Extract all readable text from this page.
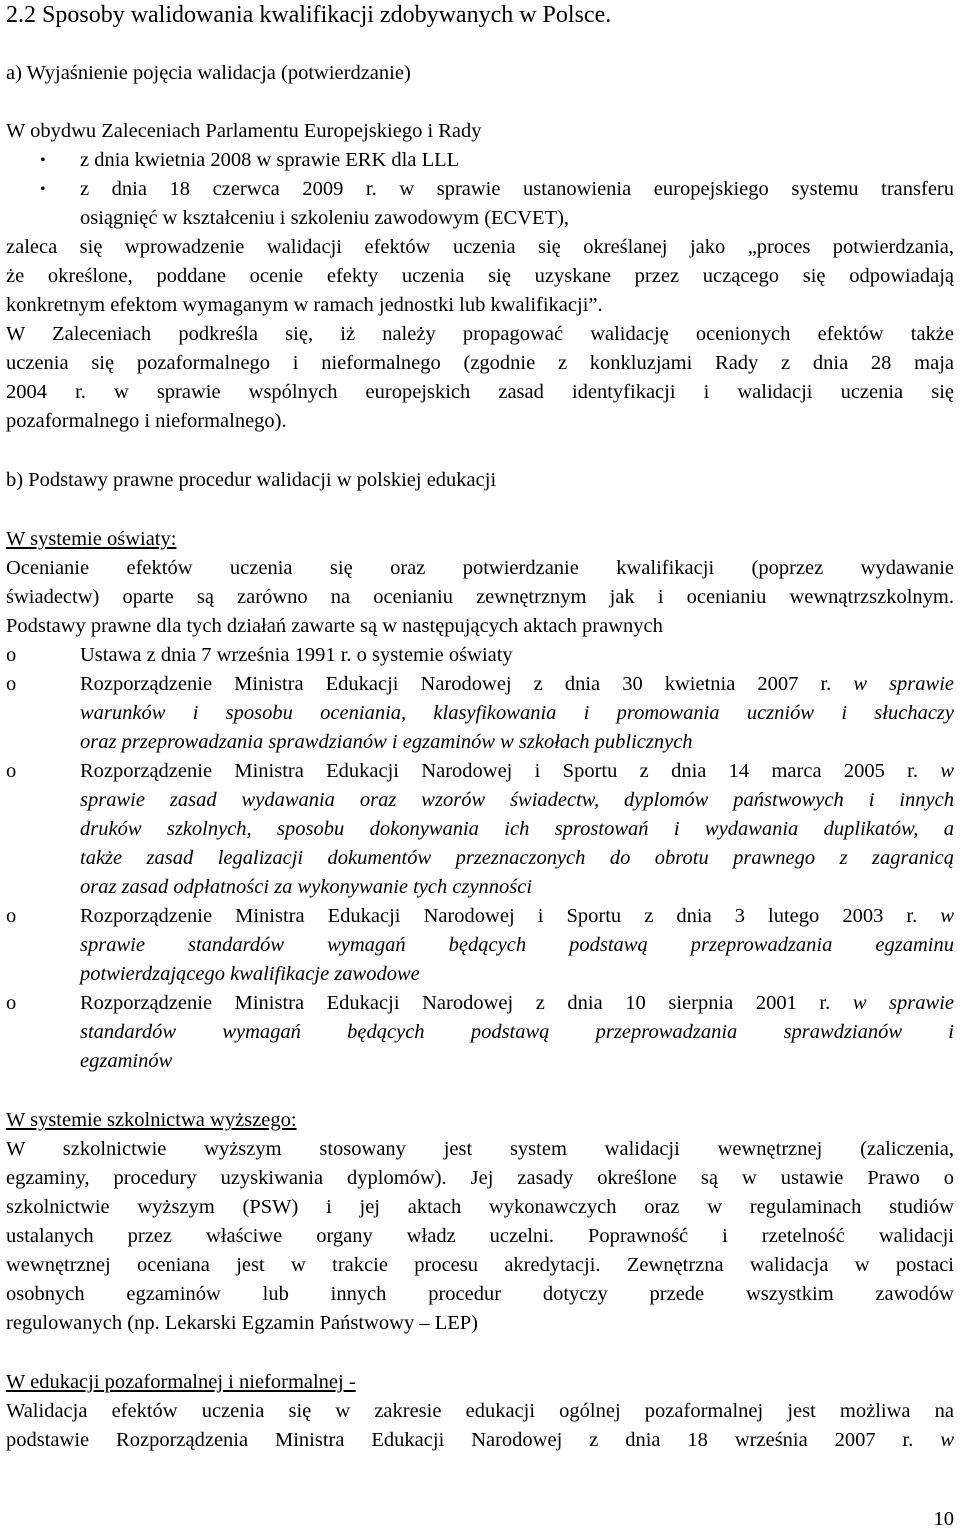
2.2 Sposoby walidowania kwalifikacji zdobywanych w Polsce.
a) Wyjaśnienie pojęcia walidacja (potwierdzanie)
W obydwu Zaleceniach Parlamentu Europejskiego i Rady
• z dnia kwietnia 2008 w sprawie ERK dla LLL
• z dnia 18 czerwca 2009 r. w sprawie ustanowienia europejskiego systemu transferu
osiągnięć w kształceniu i szkoleniu zawodowym (ECVET),
zaleca się wprowadzenie walidacji efektów uczenia się określanej jako „proces potwierdzania,
że określone, poddane ocenie efekty uczenia się uzyskane przez uczącego się odpowiadają
konkretnym efektom wymaganym w ramach jednostki lub kwalifikacji”.
W Zaleceniach podkreśla się, iż należy propagować walidację ocenionych efektów także
uczenia się pozaformalnego i nieformalnego (zgodnie z konkluzjami Rady z dnia 28 maja
2004 r. w sprawie wspólnych europejskich zasad identyfikacji i walidacji uczenia się
pozaformalnego i nieformalnego).
b) Podstawy prawne procedur walidacji w polskiej edukacji
W systemie oświaty:
Ocenianie efektów uczenia się oraz potwierdzanie kwalifikacji (poprzez wydawanie
świadectw) oparte są zarówno na ocenianiu zewnętrznym jak i ocenianiu wewnątrzszkolnym.
Podstawy prawne dla tych działań zawarte są w następujących aktach prawnych
o	Ustawa z dnia 7 września 1991 r. o systemie oświaty
o	Rozporządzenie Ministra Edukacji Narodowej z dnia 30 kwietnia 2007 r. w sprawie
warunków i sposobu oceniania, klasyfikowania i promowania uczniów i słuchaczy
oraz przeprowadzania sprawdzianów i egzaminów w szkołach publicznych
o	Rozporządzenie Ministra Edukacji Narodowej i Sportu z dnia 14 marca 2005 r. w
sprawie zasad wydawania oraz wzorów świadectw, dyplomów państwowych i innych
druków szkolnych, sposobu dokonywania ich sprostowań i wydawania duplikatów, a
także zasad legalizacji dokumentów przeznaczonych do obrotu prawnego z zagranicą
oraz zasad odpłatności za wykonywanie tych czynności
o	Rozporządzenie Ministra Edukacji Narodowej i Sportu z dnia 3 lutego 2003 r. w
sprawie standardów wymagań będących podstawą przeprowadzania egzaminu
potwierdzającego kwalifikacje zawodowe
o	Rozporządzenie Ministra Edukacji Narodowej z dnia 10 sierpnia 2001 r. w sprawie
standardów wymagań będących podstawą przeprowadzania sprawdzianów i
egzaminów
W systemie szkolnictwa wyższego:
W szkolnictwie wyższym stosowany jest system walidacji wewnętrznej (zaliczenia,
egzaminy, procedury uzyskiwania dyplomów). Jej zasady określone są w ustawie Prawo o
szkolnictwie wyższym (PSW) i jej aktach wykonawczych oraz w regulaminach studiów
ustalanych przez właściwe organy władz uczelni. Poprawność i rzetelność walidacji
wewnętrznej oceniana jest w trakcie procesu akredytacji. Zewnętrzna walidacja w postaci
osobnych egzaminów lub innych procedur dotyczy przede wszystkim zawodów
regulowanych (np. Lekarski Egzamin Państwowy – LEP)
W edukacji pozaformalnej i nieformalnej -
Walidacja efektów uczenia się w zakresie edukacji ogólnej pozaformalnej jest możliwa na
podstawie Rozporządzenia Ministra Edukacji Narodowej z dnia 18 września 2007 r. w
10
